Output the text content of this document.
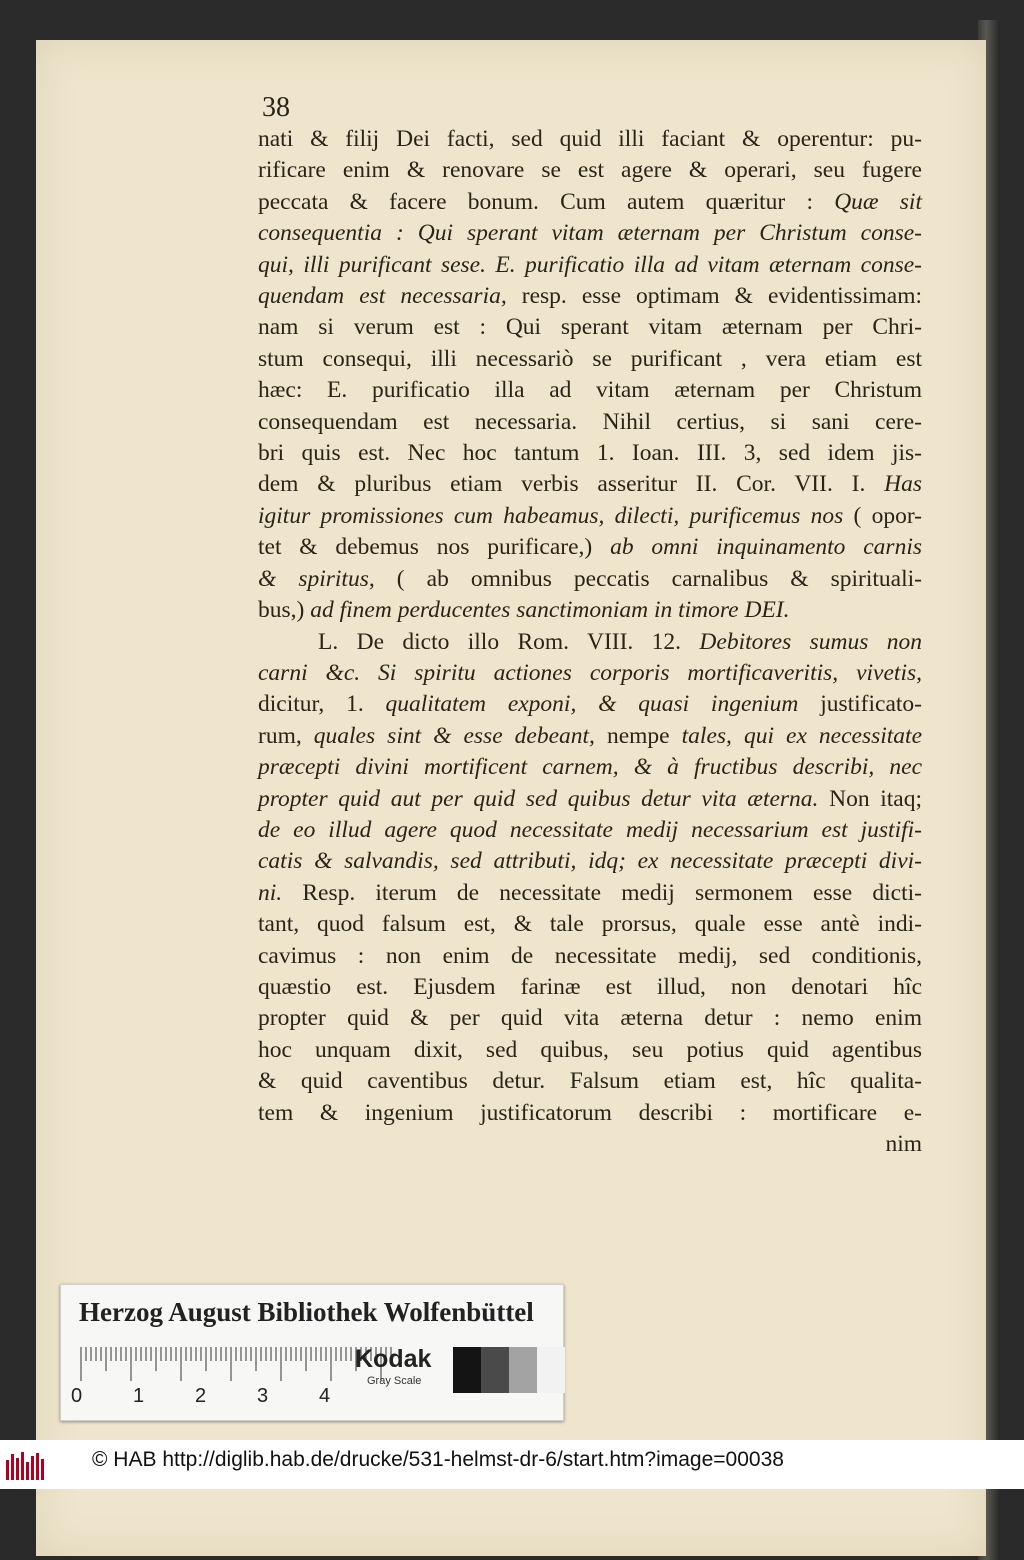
38
nati & filij Dei facti, sed quid illi faciant & operentur: pu-
rificare enim & renovare se est agere & operari, seu fugere
peccata & facere bonum. Cum autem quæritur : Quæ sit
consequentia : Qui sperant vitam æternam per Christum conse-
qui, illi purificant sese. E. purificatio illa ad vitam æternam conse-
quendam est necessaria, resp. esse optimam & evidentissimam:
nam si verum est : Qui sperant vitam æternam per Chri-
stum consequi, illi necessariò se purificant , vera etiam est
hæc: E. purificatio illa ad vitam æternam per Christum
consequendam est necessaria. Nihil certius, si sani cere-
bri quis est. Nec hoc tantum 1. Ioan. III. 3, sed idem jis-
dem & pluribus etiam verbis asseritur II. Cor. VII. I. Has
igitur promissiones cum habeamus, dilecti, purificemus nos ( opor-
tet & debemus nos purificare,) ab omni inquinamento carnis
& spiritus, ( ab omnibus peccatis carnalibus & spirituali-
bus,) ad finem perducentes sanctimoniam in timore DEI.
L. De dicto illo Rom. VIII. 12. Debitores sumus non
carni &c. Si spiritu actiones corporis mortificaveritis, vivetis,
dicitur, 1. qualitatem exponi, & quasi ingenium justificato-
rum, quales sint & esse debeant, nempe tales, qui ex necessitate
præcepti divini mortificent carnem, & à fructibus describi, nec
propter quid aut per quid sed quibus detur vita æterna. Non itaq;
de eo illud agere quod necessitate medij necessarium est justifi-
catis & salvandis, sed attributi, idq; ex necessitate præcepti divi-
ni. Resp. iterum de necessitate medij sermonem esse dicti-
tant, quod falsum est, & tale prorsus, quale esse antè indi-
cavimus : non enim de necessitate medij, sed conditionis,
quæstio est. Ejusdem farinæ est illud, non denotari hîc
propter quid & per quid vita æterna detur : nemo enim
hoc unquam dixit, sed quibus, seu potius quid agentibus
& quid caventibus detur. Falsum etiam est, hîc qualita-
tem & ingenium justificatorum describi : mortificare e-
nim
Herzog August Bibliothek Wolfenbüttel
0	1	2	3	4
Kodak
Gray Scale
© HAB http://diglib.hab.de/drucke/531-helmst-dr-6/start.htm?image=00038
